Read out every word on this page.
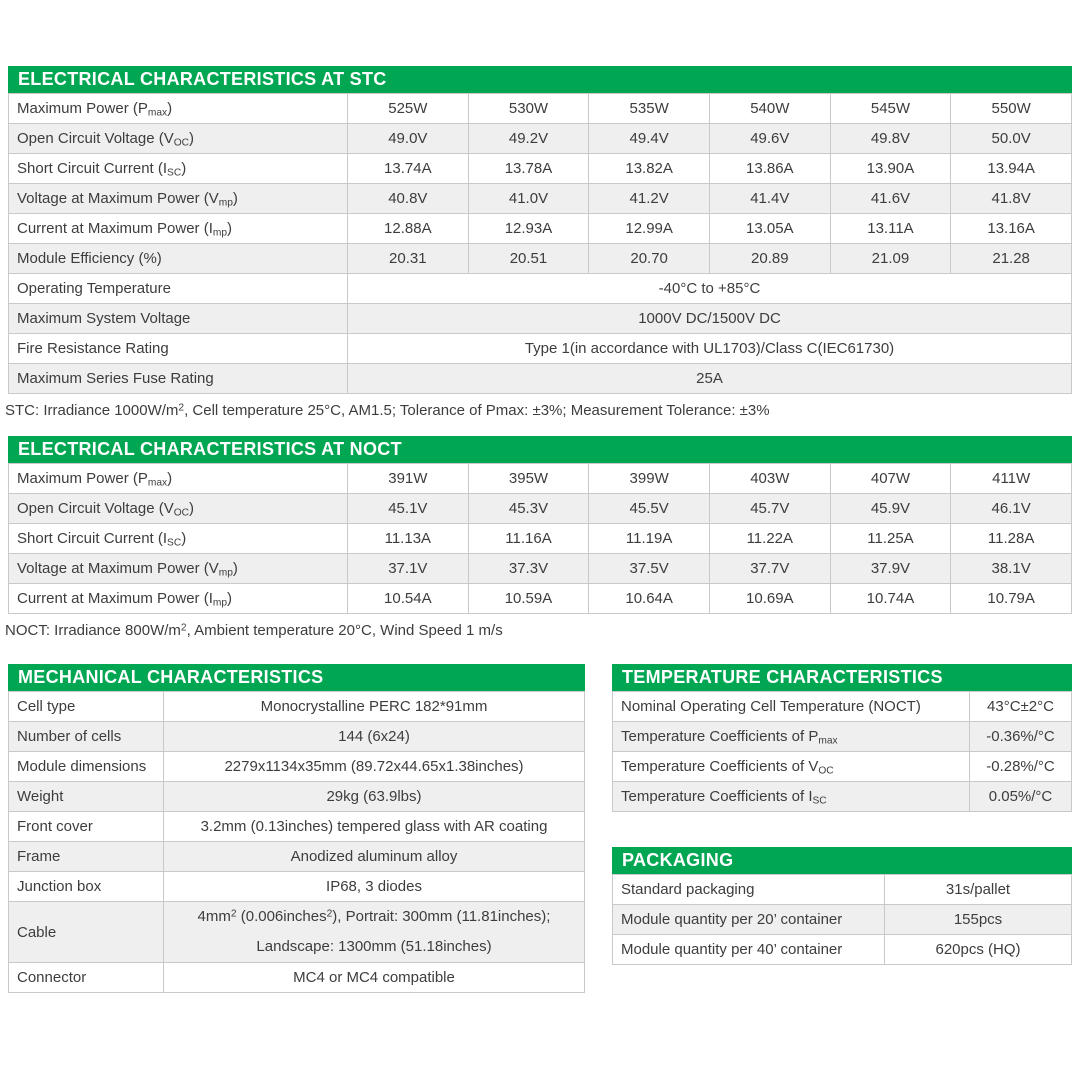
ELECTRICAL CHARACTERISTICS AT STC
Maximum Power $(P_{max})$	525W	530W	535W	540W	545W	550W
Open Circuit Voltage $(V_{OC})$	49.0V	49.2V	49.4V	49.6V	49.8V	50.0V
Short Circuit Current $(I_{SC})$	13.74A	13.78A	13.82A	13.86A	13.90A	13.94A
Voltage at Maximum Power $(V_{mp})$	40.8V	41.0V	41.2V	41.4V	41.6V	41.8V
Current at Maximum Power $(I_{mp})$	12.88A	12.93A	12.99A	13.05A	13.11A	13.16A
Module Efficiency (%)	20.31	20.51	20.70	20.89	21.09	21.28
Operating Temperature	-40°C to +85°C					
Maximum System Voltage	1000V DC/1500V DC					
Fire Resistance Rating	Type 1(in accordance with UL1703)/Class C(IEC61730)					
Maximum Series Fuse Rating	25A					

STC: Irradiance $1000W/m^2$, Cell temperature 25°C, AM1.5; Tolerance of Pmax: ±3%; Measurement Tolerance: ±3%

ELECTRICAL CHARACTERISTICS AT NOCT
Maximum Power $(P_{max})$	391W	395W	399W	403W	407W	411W
Open Circuit Voltage $(V_{OC})$	45.1V	45.3V	45.5V	45.7V	45.9V	46.1V
Short Circuit Current $(I_{SC})$	11.13A	11.16A	11.19A	11.22A	11.25A	11.28A
Voltage at Maximum Power $(V_{mp})$	37.1V	37.3V	37.5V	37.7V	37.9V	38.1V
Current at Maximum Power $(I_{mp})$	10.54A	10.59A	10.64A	10.69A	10.74A	10.79A

NOCT: Irradiance $800W/m^2$, Ambient temperature 20°C, Wind Speed 1 m/s

MECHANICAL CHARACTERISTICS
Cell type	Monocrystalline PERC 182*91mm
Number of cells	144 (6x24)
Module dimensions	2279x1134x35mm (89.72x44.65x1.38inches)
Weight	29kg (63.9lbs)
Front cover	3.2mm (0.13inches) tempered glass with AR coating
Frame	Anodized aluminum alloy
Junction box	IP68, 3 diodes
Cable	$4mm^2$ (0.006inches$^2$), Portrait: 300mm (11.81inches);
Landscape: 1300mm (51.18inches)

Connector	MC4 or MC4 compatible
TEMPERATURE CHARACTERISTICS
Nominal Operating Cell Temperature (NOCT)	43°C±2°C
Temperature Coefficients of $P_{max}$	-0.36%/°C
Temperature Coefficients of $V_{OC}$	-0.28%/°C
Temperature Coefficients of $I_{SC}$	0.05%/°C
PACKAGING
Standard packaging	31s/pallet
Module quantity per 20’ container	155pcs
Module quantity per 40’ container	620pcs (HQ)
